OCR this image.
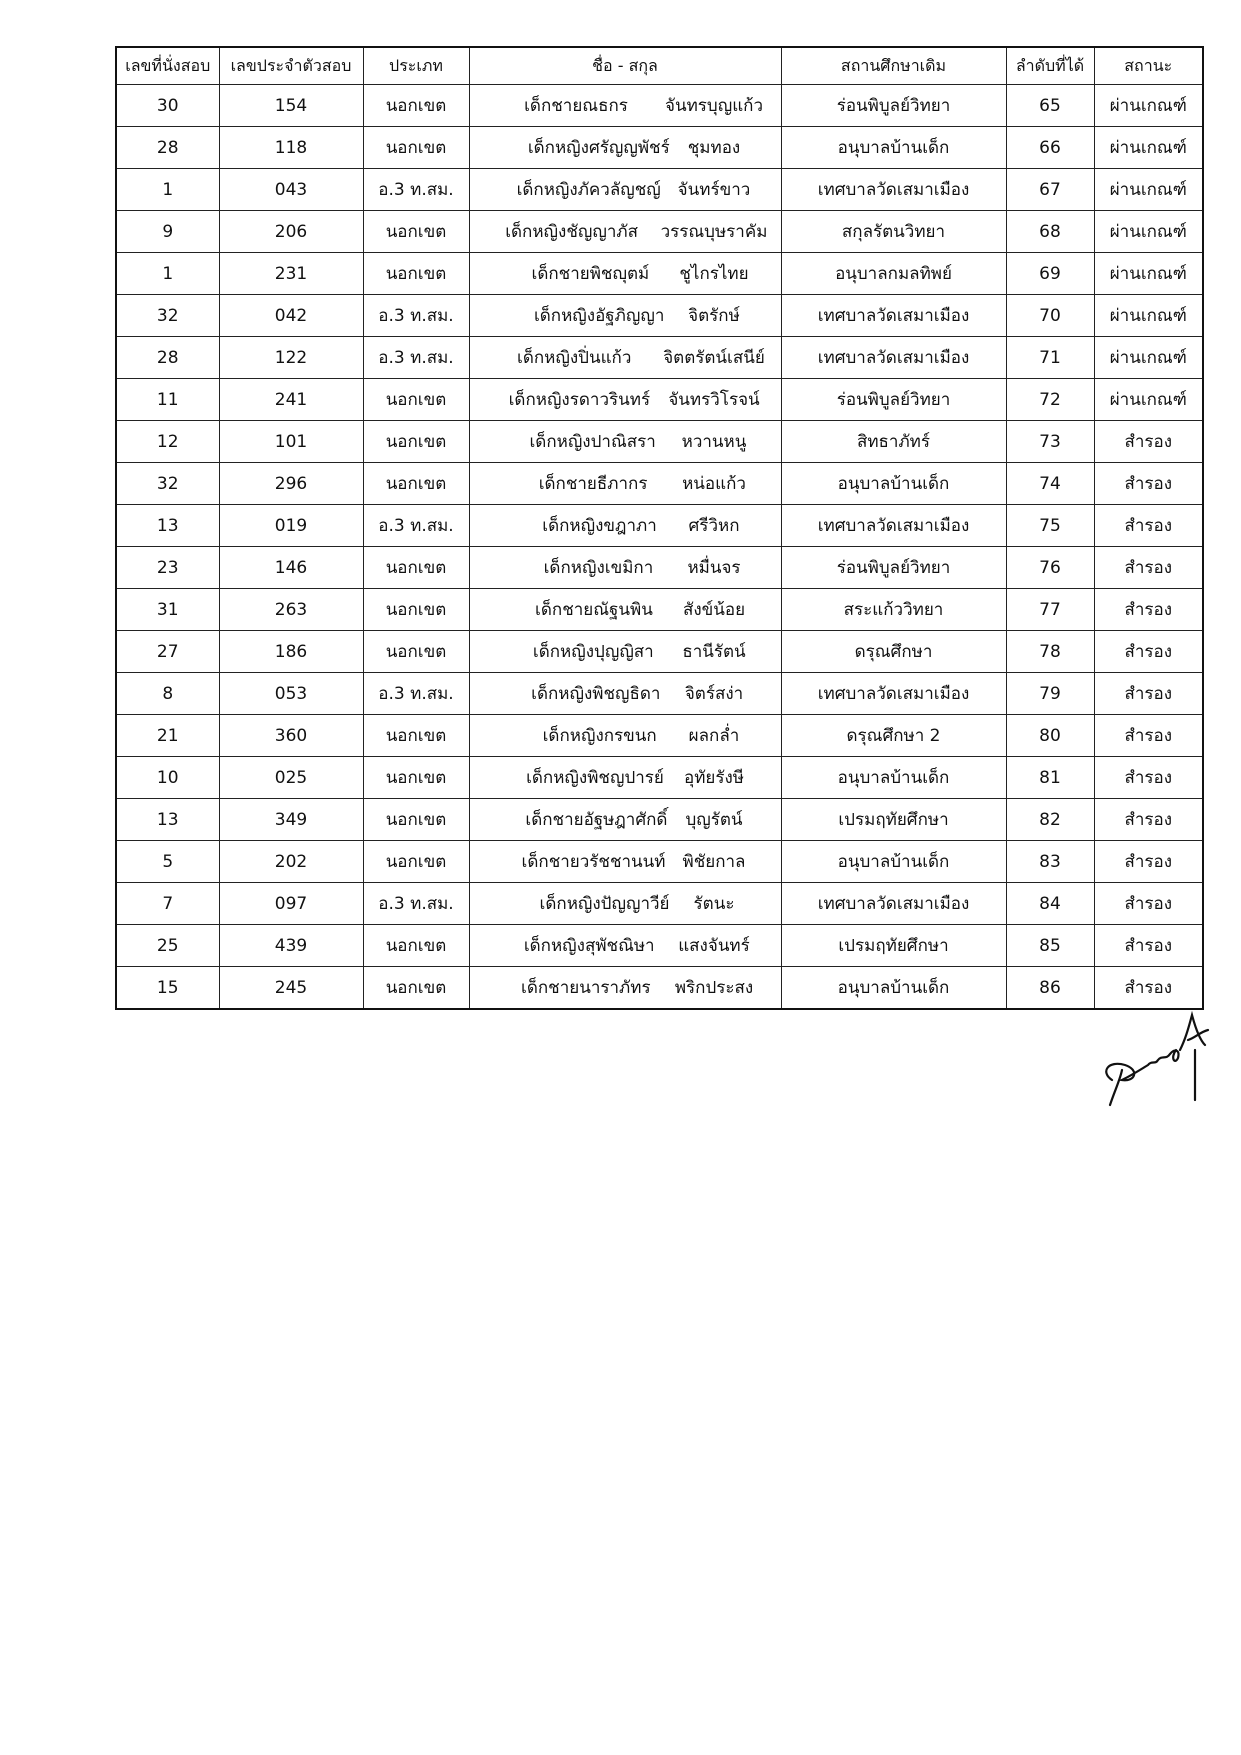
เลขที่นั่งสอบ	เลขประจำตัวสอบ	ประเภท	ชื่อ - สกุล	สถานศึกษาเดิม	ลำดับที่ได้	สถานะ
30	154	นอกเขต	เด็กชายณธกร จันทรบุญแก้ว	ร่อนพิบูลย์วิทยา	65	ผ่านเกณฑ์
28	118	นอกเขต	เด็กหญิงศรัญญพัชร์ ชุมทอง	อนุบาลบ้านเด็ก	66	ผ่านเกณฑ์
1	043	อ.3 ท.สม.	เด็กหญิงภัควลัญชญ์ จันทร์ขาว	เทศบาลวัดเสมาเมือง	67	ผ่านเกณฑ์
9	206	นอกเขต	เด็กหญิงชัญญาภัส วรรณบุษราคัม	สกุลรัตนวิทยา	68	ผ่านเกณฑ์
1	231	นอกเขต	เด็กชายพิชญุตม์ ชูไกรไทย	อนุบาลกมลทิพย์	69	ผ่านเกณฑ์
32	042	อ.3 ท.สม.	เด็กหญิงอัฐภิญญา จิตรักษ์	เทศบาลวัดเสมาเมือง	70	ผ่านเกณฑ์
28	122	อ.3 ท.สม.	เด็กหญิงปิ่นแก้ว จิตตรัตน์เสนีย์	เทศบาลวัดเสมาเมือง	71	ผ่านเกณฑ์
11	241	นอกเขต	เด็กหญิงรดาวรินทร์ จันทรวิโรจน์	ร่อนพิบูลย์วิทยา	72	ผ่านเกณฑ์
12	101	นอกเขต	เด็กหญิงปาณิสรา หวานหนู	สิทธาภัทร์	73	สำรอง
32	296	นอกเขต	เด็กชายธีภากร หน่อแก้ว	อนุบาลบ้านเด็ก	74	สำรอง
13	019	อ.3 ท.สม.	เด็กหญิงขฎาภา ศรีวิหก	เทศบาลวัดเสมาเมือง	75	สำรอง
23	146	นอกเขต	เด็กหญิงเขมิกา หมื่นจร	ร่อนพิบูลย์วิทยา	76	สำรอง
31	263	นอกเขต	เด็กชายณัฐนพิน สังข์น้อย	สระแก้ววิทยา	77	สำรอง
27	186	นอกเขต	เด็กหญิงปุญญิสา ธานีรัตน์	ดรุณศึกษา	78	สำรอง
8	053	อ.3 ท.สม.	เด็กหญิงพิชญธิดา จิตร์สง่า	เทศบาลวัดเสมาเมือง	79	สำรอง
21	360	นอกเขต	เด็กหญิงกรขนก ผลกล่ำ	ดรุณศึกษา 2	80	สำรอง
10	025	นอกเขต	เด็กหญิงพิชญปารย์ อุทัยรังษี	อนุบาลบ้านเด็ก	81	สำรอง
13	349	นอกเขต	เด็กชายอัฐษฎาศักดิ์ บุญรัตน์	เปรมฤทัยศึกษา	82	สำรอง
5	202	นอกเขต	เด็กชายวรัชชานนท์ พิชัยกาล	อนุบาลบ้านเด็ก	83	สำรอง
7	097	อ.3 ท.สม.	เด็กหญิงปัญญาวีย์ รัตนะ	เทศบาลวัดเสมาเมือง	84	สำรอง
25	439	นอกเขต	เด็กหญิงสุพัชณิษา แสงจันทร์	เปรมฤทัยศึกษา	85	สำรอง
15	245	นอกเขต	เด็กชายนาราภัทร พริกประสง	อนุบาลบ้านเด็ก	86	สำรอง
